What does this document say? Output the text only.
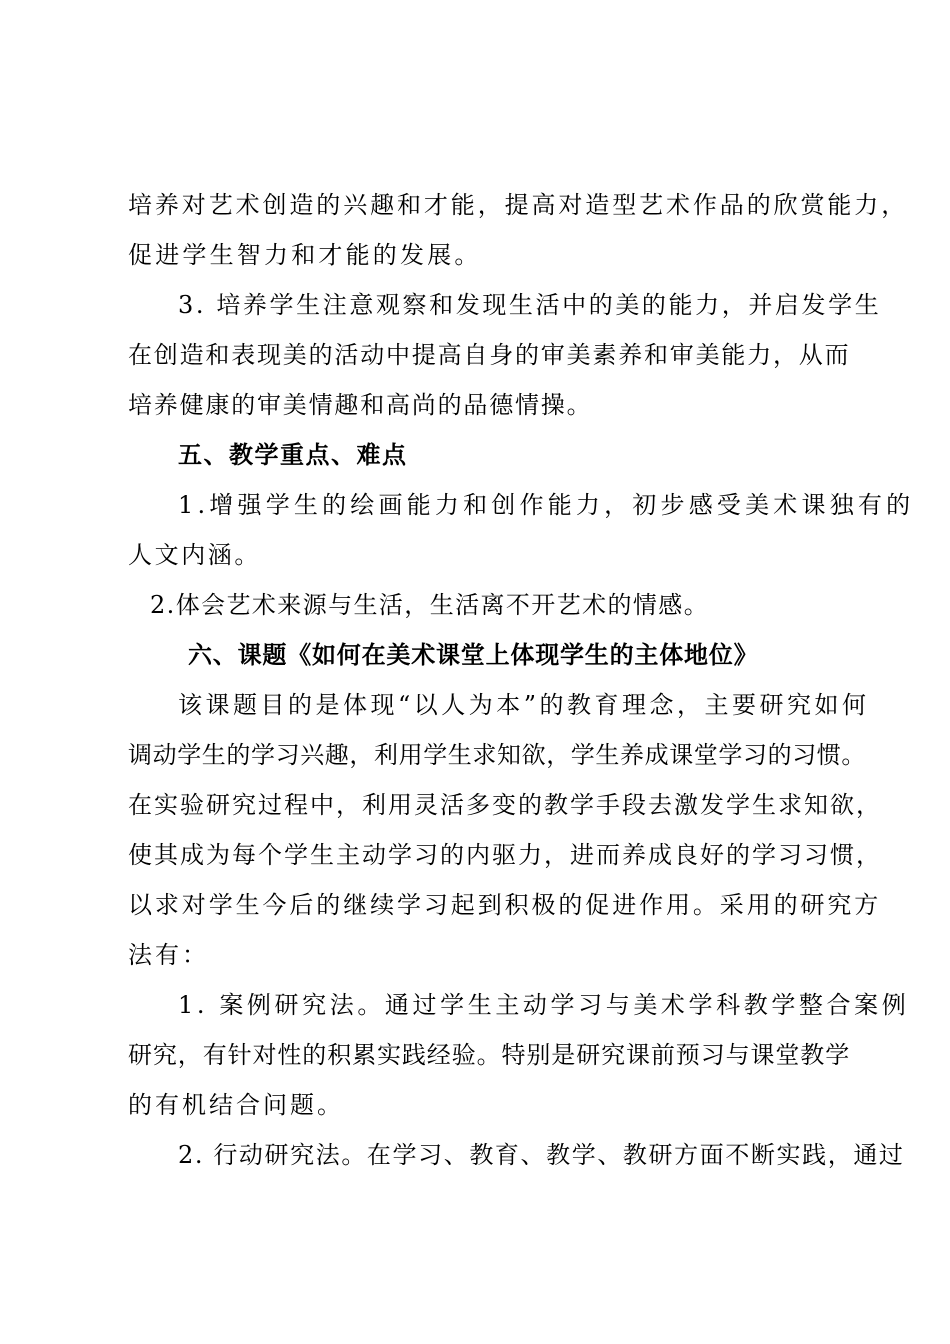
培养对艺术创造的兴趣和才能，提高对造型艺术作品的欣赏能力，
促进学生智力和才能的发展。
3. 培养学生注意观察和发现生活中的美的能力，并启发学生
在创造和表现美的活动中提高自身的审美素养和审美能力，从而
培养健康的审美情趣和高尚的品德情操。
五、教学重点、难点
1.增强学生的绘画能力和创作能力，初步感受美术课独有的
人文内涵。
2.体会艺术来源与生活，生活离不开艺术的情感。
六、课题《如何在美术课堂上体现学生的主体地位》
该课题目的是体现“以人为本”的教育理念，主要研究如何
调动学生的学习兴趣，利用学生求知欲，学生养成课堂学习的习惯。
在实验研究过程中，利用灵活多变的教学手段去激发学生求知欲，
使其成为每个学生主动学习的内驱力，进而养成良好的学习习惯，
以求对学生今后的继续学习起到积极的促进作用。采用的研究方
法有：
1. 案例研究法。通过学生主动学习与美术学科教学整合案例
研究，有针对性的积累实践经验。特别是研究课前预习与课堂教学
的有机结合问题。
2. 行动研究法。在学习、教育、教学、教研方面不断实践，通过
